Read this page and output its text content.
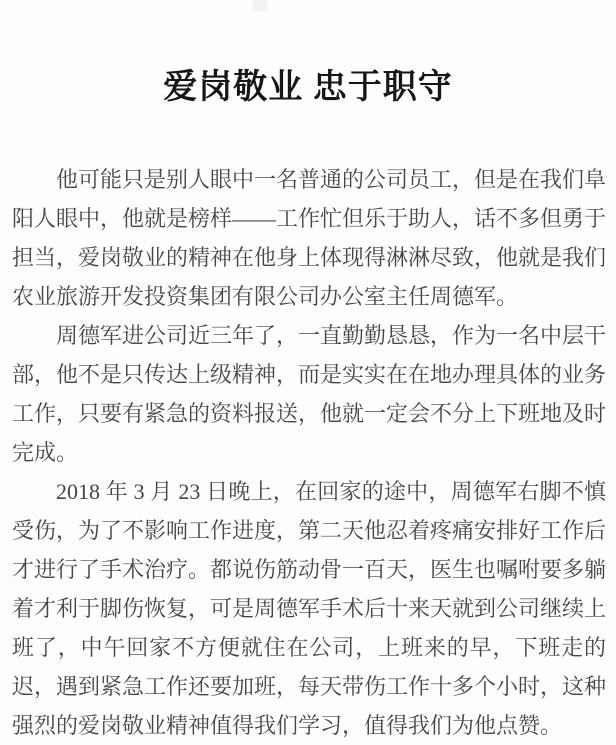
爱岗敬业 忠于职守

他可能只是别人眼中一名普通的公司员工，但是在我们阜阳人眼中，他就是榜样——工作忙但乐于助人，话不多但勇于担当，爱岗敬业的精神在他身上体现得淋淋尽致，他就是我们农业旅游开发投资集团有限公司办公室主任周德军。

周德军进公司近三年了，一直勤勤恳恳，作为一名中层干部，他不是只传达上级精神，而是实实在在地办理具体的业务工作，只要有紧急的资料报送，他就一定会不分上下班地及时完成。

2018 年 3 月 23 日晚上，在回家的途中，周德军右脚不慎受伤，为了不影响工作进度，第二天他忍着疼痛安排好工作后才进行了手术治疗。都说伤筋动骨一百天，医生也嘱咐要多躺着才利于脚伤恢复，可是周德军手术后十来天就到公司继续上班了，中午回家不方便就住在公司，上班来的早，下班走的迟，遇到紧急工作还要加班，每天带伤工作十多个小时，这种强烈的爱岗敬业精神值得我们学习，值得我们为他点赞。
